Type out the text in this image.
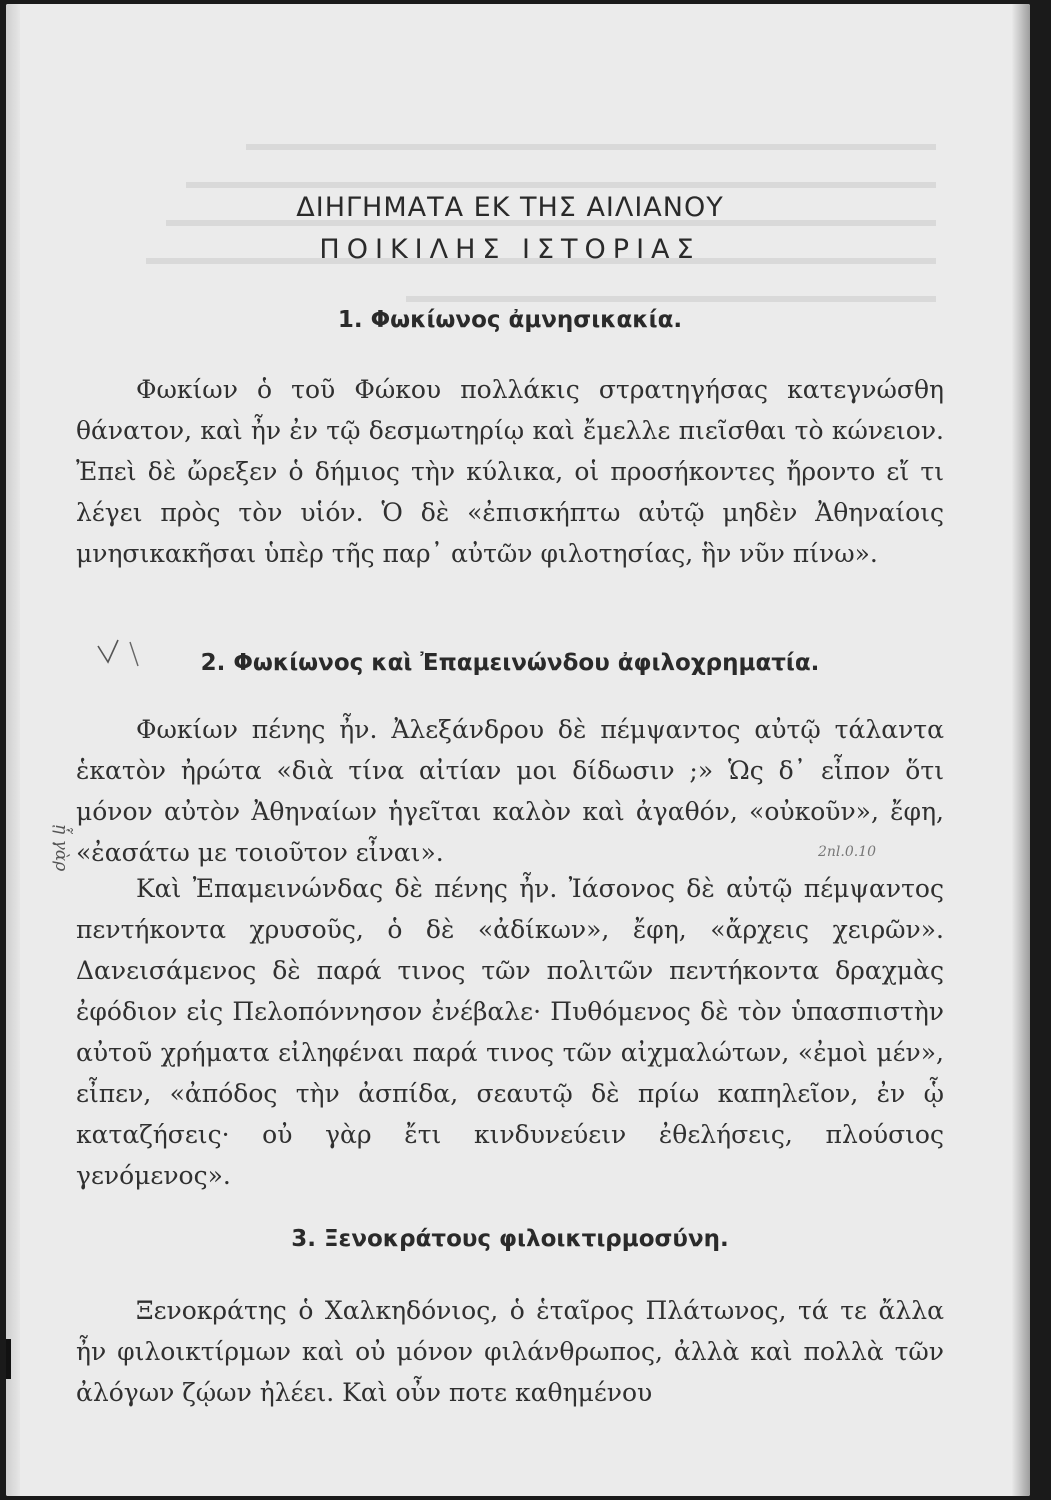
ΔΙΗΓΗΜΑΤΑ ΕΚ ΤΗΣ ΑΙΛΙΑΝΟΥ
ΠΟΙΚΙΛΗΣ ΙΣΤΟΡΙΑΣ
1. Φωκίωνος ἀμνησικακία.

Φωκίων ὁ τοῦ Φώκου πολλάκις στρατηγήσας κατεγνώσθη θάνατον, καὶ ἦν ἐν τῷ δεσμωτηρίῳ καὶ ἔμελλε πιεῖσθαι τὸ κώνειον. Ἐπεὶ δὲ ὤρεξεν ὁ δήμιος τὴν κύλικα, οἱ προσήκοντες ἤροντο εἴ τι λέγει πρὸς τὸν υἱόν. Ὁ δὲ «ἐπισκήπτω αὐτῷ μηδὲν Ἀθηναίοις μνησικακῆσαι ὑπὲρ τῆς παρ᾽ αὐτῶν φιλοτησίας, ἣν νῦν πίνω».

2. Φωκίωνος καὶ Ἐπαμεινώνδου ἀφιλοχρηματία.

Φωκίων πένης ἦν. Ἀλεξάνδρου δὲ πέμψαντος αὐτῷ τάλαντα ἑκατὸν ἠρώτα «διὰ τίνα αἰτίαν μοι δίδωσιν ;» Ὡς δ᾽ εἶπον ὅτι μόνον αὐτὸν Ἀθηναίων ἡγεῖται καλὸν καὶ ἀγαθόν, «οὐκοῦν», ἔφη, «ἐασάτω με τοιοῦτον εἶναι».

Καὶ Ἐπαμεινώνδας δὲ πένης ἦν. Ἰάσονος δὲ αὐτῷ πέμψαντος πεντήκοντα χρυσοῦς, ὁ δὲ «ἀδίκων», ἔφη, «ἄρχεις χειρῶν». Δανεισάμενος δὲ παρά τινος τῶν πολιτῶν πεντήκοντα δραχμὰς ἐφόδιον εἰς Πελοπόννησον ἐνέβαλε· Πυθόμενος δὲ τὸν ὑπασπιστὴν αὐτοῦ χρήματα εἰληφέναι παρά τινος τῶν αἰχμαλώτων, «ἐμοὶ μέν», εἶπεν, «ἀπόδος τὴν ἀσπίδα, σεαυτῷ δὲ πρίω καπηλεῖον, ἐν ᾧ καταζήσεις· οὐ γὰρ ἔτι κινδυνεύειν ἐθελήσεις, πλούσιος γενόμενος».

3. Ξενοκράτους φιλοικτιρμοσύνη.

Ξενοκράτης ὁ Χαλκηδόνιος, ὁ ἑταῖρος Πλάτωνος, τά τε ἄλλα ἦν φιλοικτίρμων καὶ οὐ μόνον φιλάνθρωπος, ἀλλὰ καὶ πολλὰ τῶν ἀλόγων ζῴων ἠλέει. Καὶ οὖν ποτε καθημένου

ᾗ γὰρ	2nl.0.10
